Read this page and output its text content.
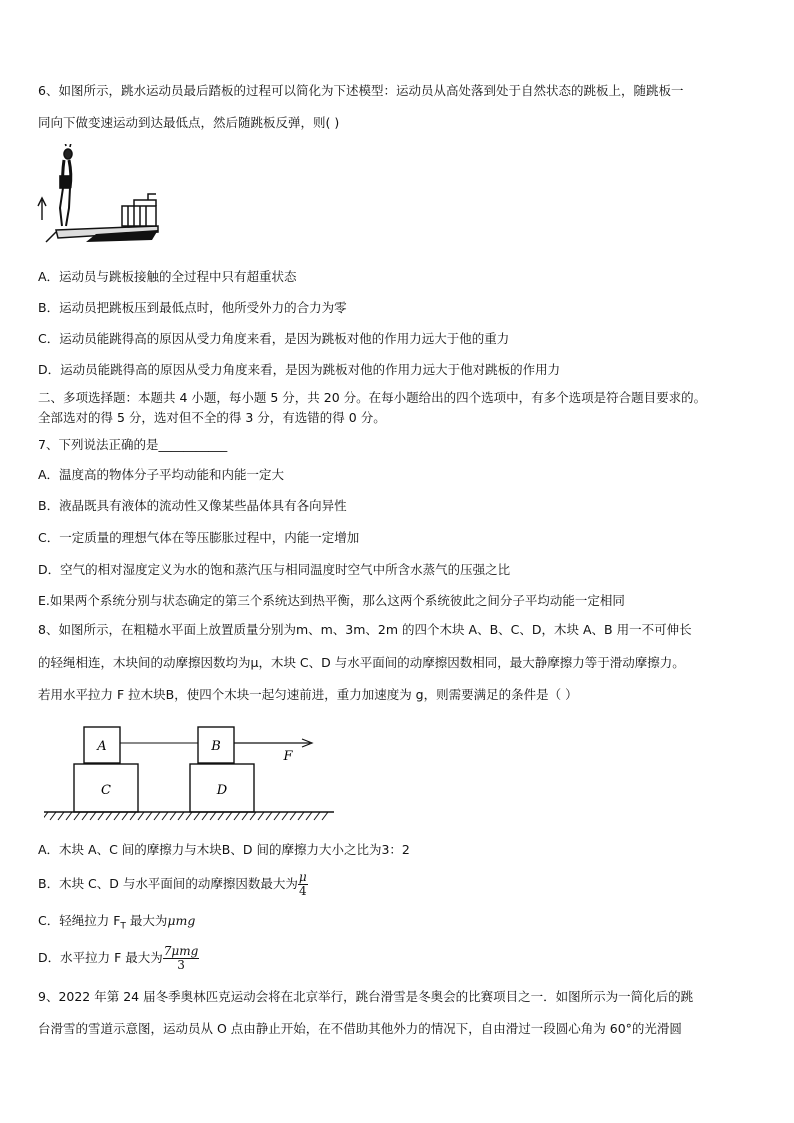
6、如图所示，跳水运动员最后踏板的过程可以简化为下述模型：运动员从高处落到处于自然状态的跳板上，随跳板一
同向下做变速运动到达最低点，然后随跳板反弹，则( )
A．运动员与跳板接触的全过程中只有超重状态
B．运动员把跳板压到最低点时，他所受外力的合力为零
C．运动员能跳得高的原因从受力角度来看，是因为跳板对他的作用力远大于他的重力
D．运动员能跳得高的原因从受力角度来看，是因为跳板对他的作用力远大于他对跳板的作用力
二、多项选择题：本题共 4 小题，每小题 5 分，共 20 分。在每小题给出的四个选项中，有多个选项是符合题目要求的。
全部选对的得 5 分，选对但不全的得 3 分，有选错的得 0 分。
7、下列说法正确的是___________
A．温度高的物体分子平均动能和内能一定大
B．液晶既具有液体的流动性又像某些晶体具有各向异性
C．一定质量的理想气体在等压膨胀过程中，内能一定增加
D．空气的相对湿度定义为水的饱和蒸汽压与相同温度时空气中所含水蒸气的压强之比
E.如果两个系统分别与状态确定的第三个系统达到热平衡，那么这两个系统彼此之间分子平均动能一定相同
8、如图所示，在粗糙水平面上放置质量分别为m、m、3m、2m 的四个木块 A、B、C、D，木块 A、B 用一不可伸长
的轻绳相连，木块间的动摩擦因数均为μ，木块 C、D 与水平面间的动摩擦因数相同，最大静摩擦力等于滑动摩擦力。
若用水平拉力 F 拉木块B，使四个木块一起匀速前进，重力加速度为 g，则需要满足的条件是（ ）
A	B
C	D
F
A．木块 A、C 间的摩擦力与木块B、D 间的摩擦力大小之比为3：2
B．木块 C、D 与水平面间的动摩擦因数最大为 $\frac{\mu}{4}$
C．轻绳拉力 $F_T$ 最大为μmg
D．水平拉力 F 最大为 $\frac{\text{7μmg}}{3}$
9、2022 年第 24 届冬季奥林匹克运动会将在北京举行，跳台滑雪是冬奥会的比赛项目之一．如图所示为一简化后的跳
台滑雪的雪道示意图，运动员从 O 点由静止开始，在不借助其他外力的情况下，自由滑过一段圆心角为 60°的光滑圆
